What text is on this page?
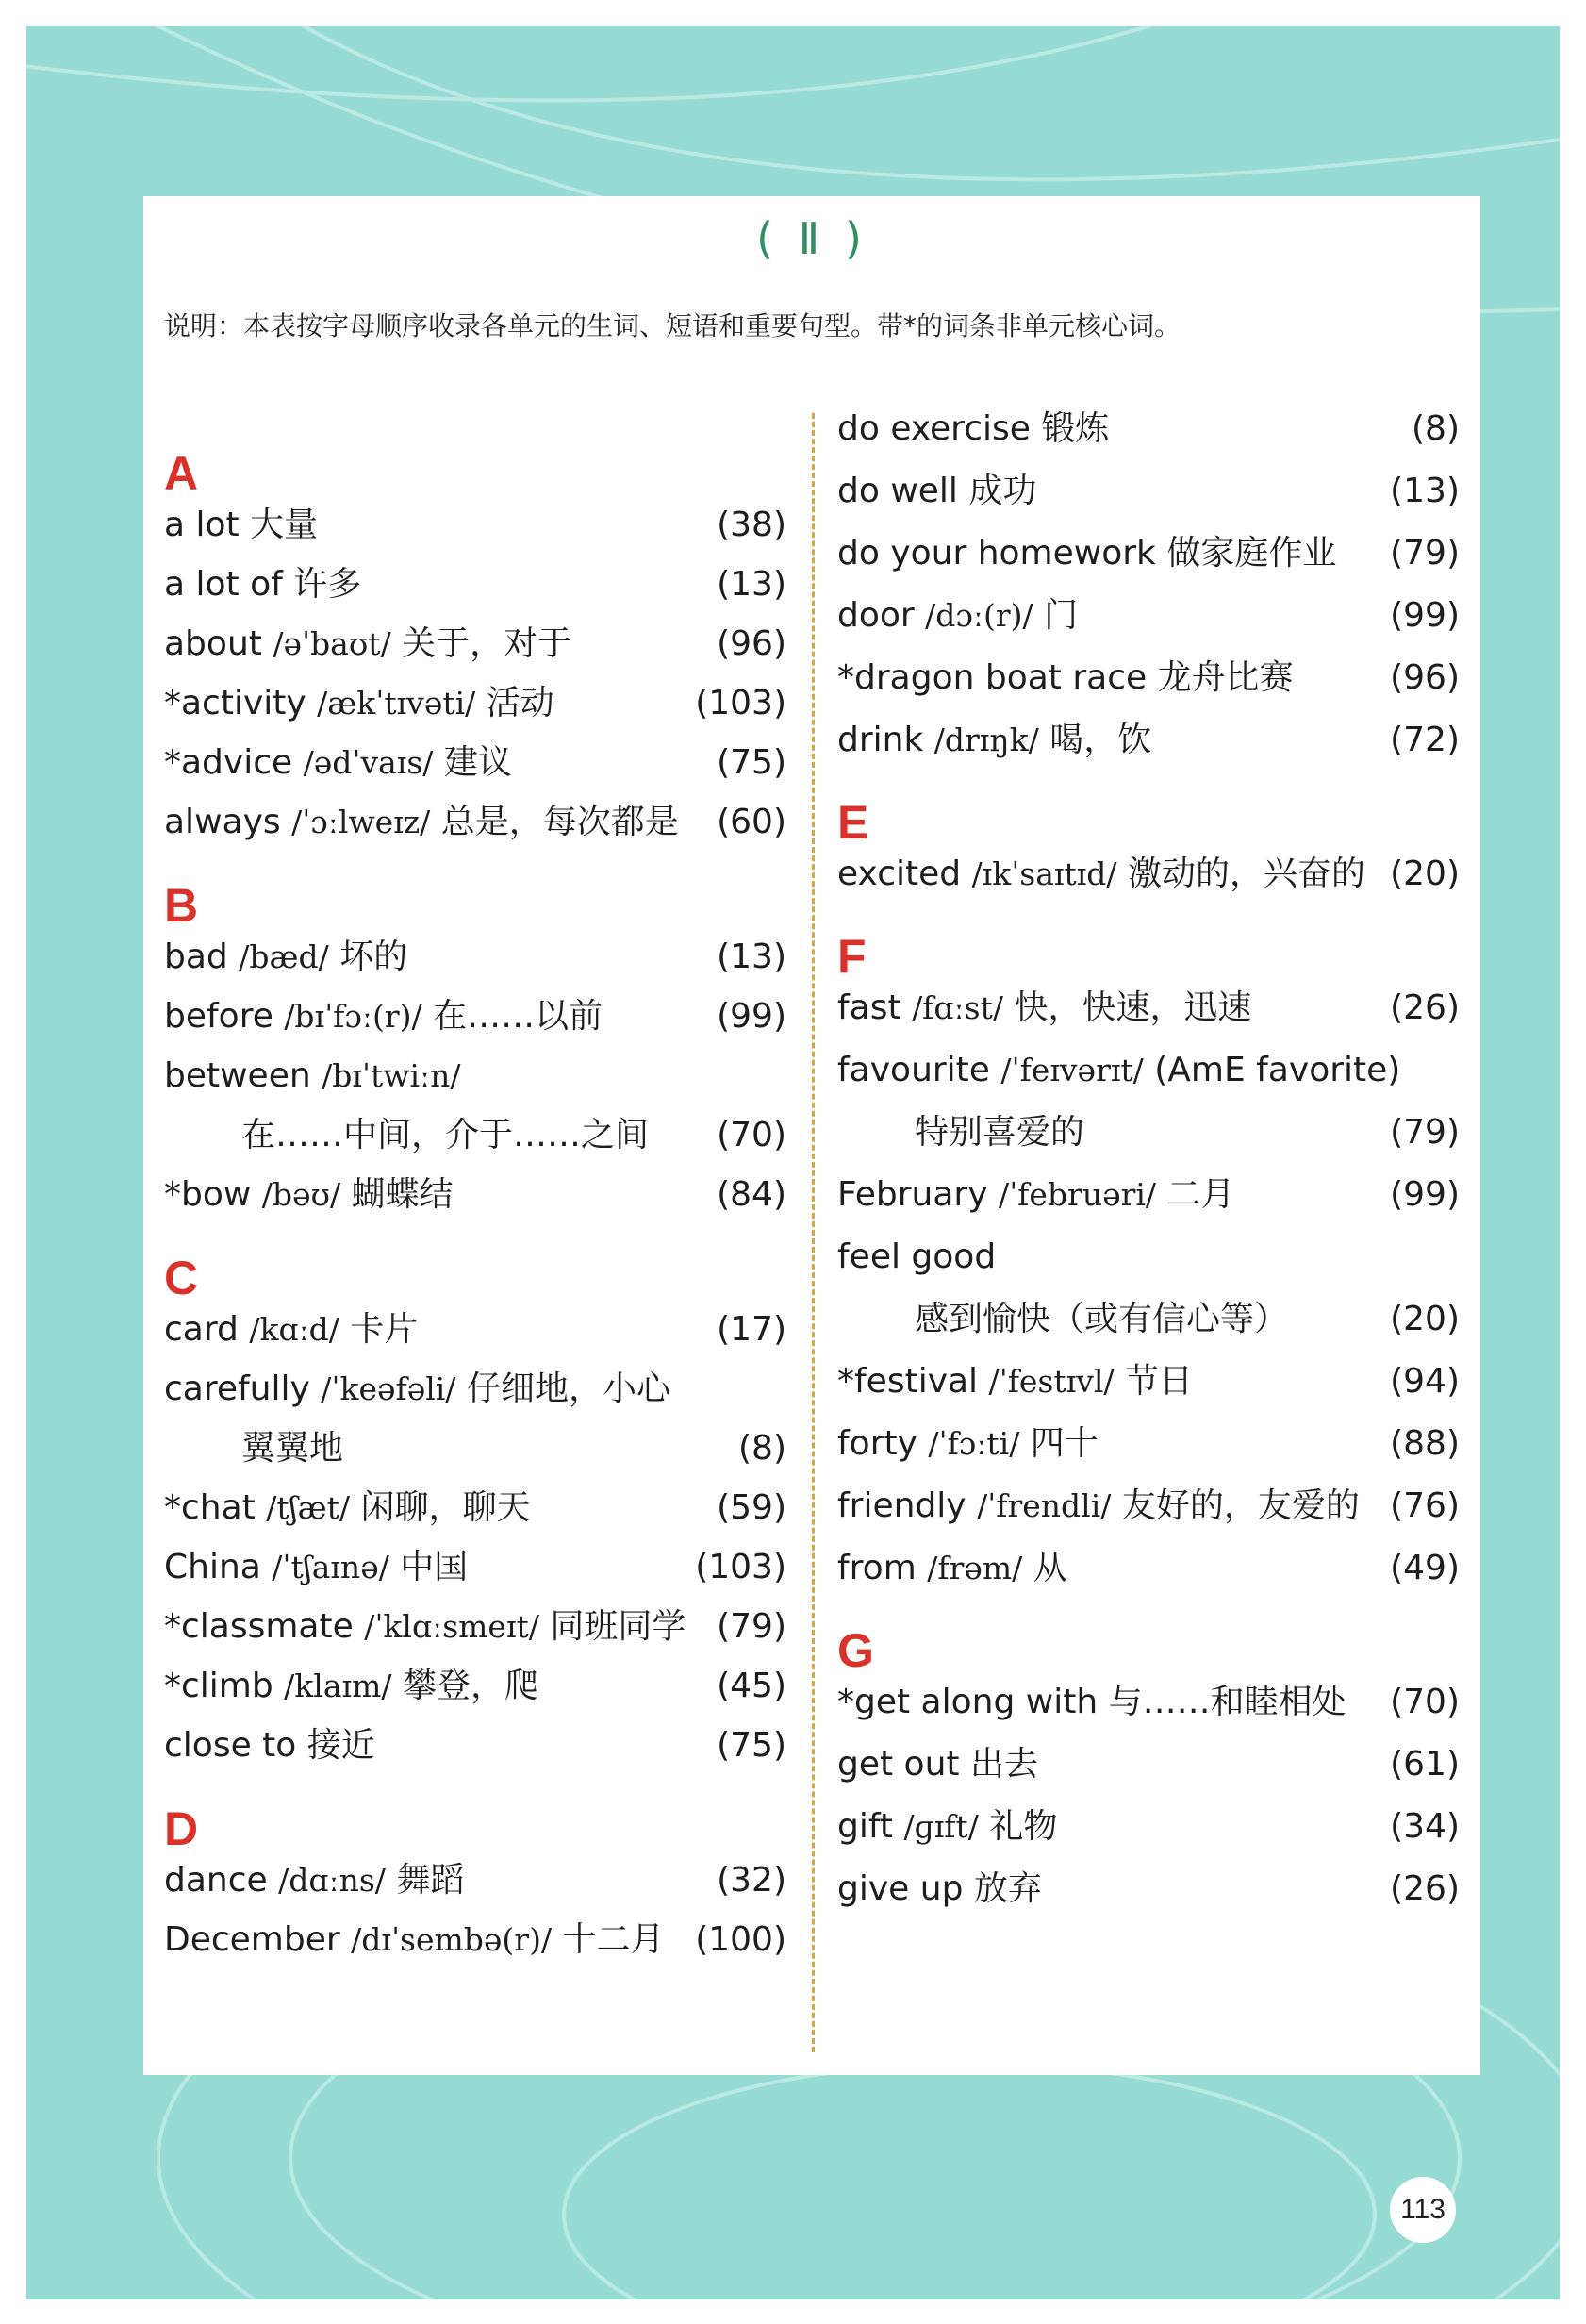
( Ⅱ )
说明：本表按字母顺序收录各单元的生词、短语和重要句型。带*的词条非单元核心词。
A
a lot 大量	(38)
a lot of 许多	(13)
about /əˈbaʊt/ 关于，对于	(96)
*activity /ækˈtɪvəti/ 活动	(103)
*advice /ədˈvaɪs/ 建议	(75)
always /ˈɔːlweɪz/ 总是，每次都是 (60)
B
bad /bæd/ 坏的	(13)
before /bɪˈfɔː(r)/ 在……以前	(99)
between /bɪˈtwiːn/
在……中间，介于……之间 (70)
*bow /bəʊ/ 蝴蝶结	(84)
C
card /kɑːd/ 卡片	(17)
carefully /ˈkeəfəli/ 仔细地，小心
翼翼地	(8)
*chat /tʃæt/ 闲聊，聊天	(59)
China /ˈtʃaɪnə/ 中国	(103)
*classmate /ˈklɑːsmeɪt/ 同班同学 (79)
*climb /klaɪm/ 攀登，爬	(45)
close to 接近	(75)
D
dance /dɑːns/ 舞蹈	(32)
December /dɪˈsembə(r)/ 十二月 (100)
do exercise 锻炼	(8)
do well 成功	(13)
do your homework 做家庭作业 (79)
door /dɔː(r)/ 门	(99)
*dragon boat race 龙舟比赛	(96)
drink /drɪŋk/ 喝，饮	(72)
E
excited /ɪkˈsaɪtɪd/ 激动的，兴奋的 (20)
F
fast /fɑːst/ 快，快速，迅速	(26)
favourite /ˈfeɪvərɪt/ (AmE favorite)
特别喜爱的	(79)
February /ˈfebruəri/ 二月	(99)
feel good
感到愉快（或有信心等）	(20)
*festival /ˈfestɪvl/ 节日	(94)
forty /ˈfɔːti/ 四十	(88)
friendly /ˈfrendli/ 友好的，友爱的 (76)
from /frəm/ 从	(49)
G
*get along with 与……和睦相处 (70)
get out 出去	(61)
gift /ɡɪft/ 礼物	(34)
give up 放弃	(26)
113
